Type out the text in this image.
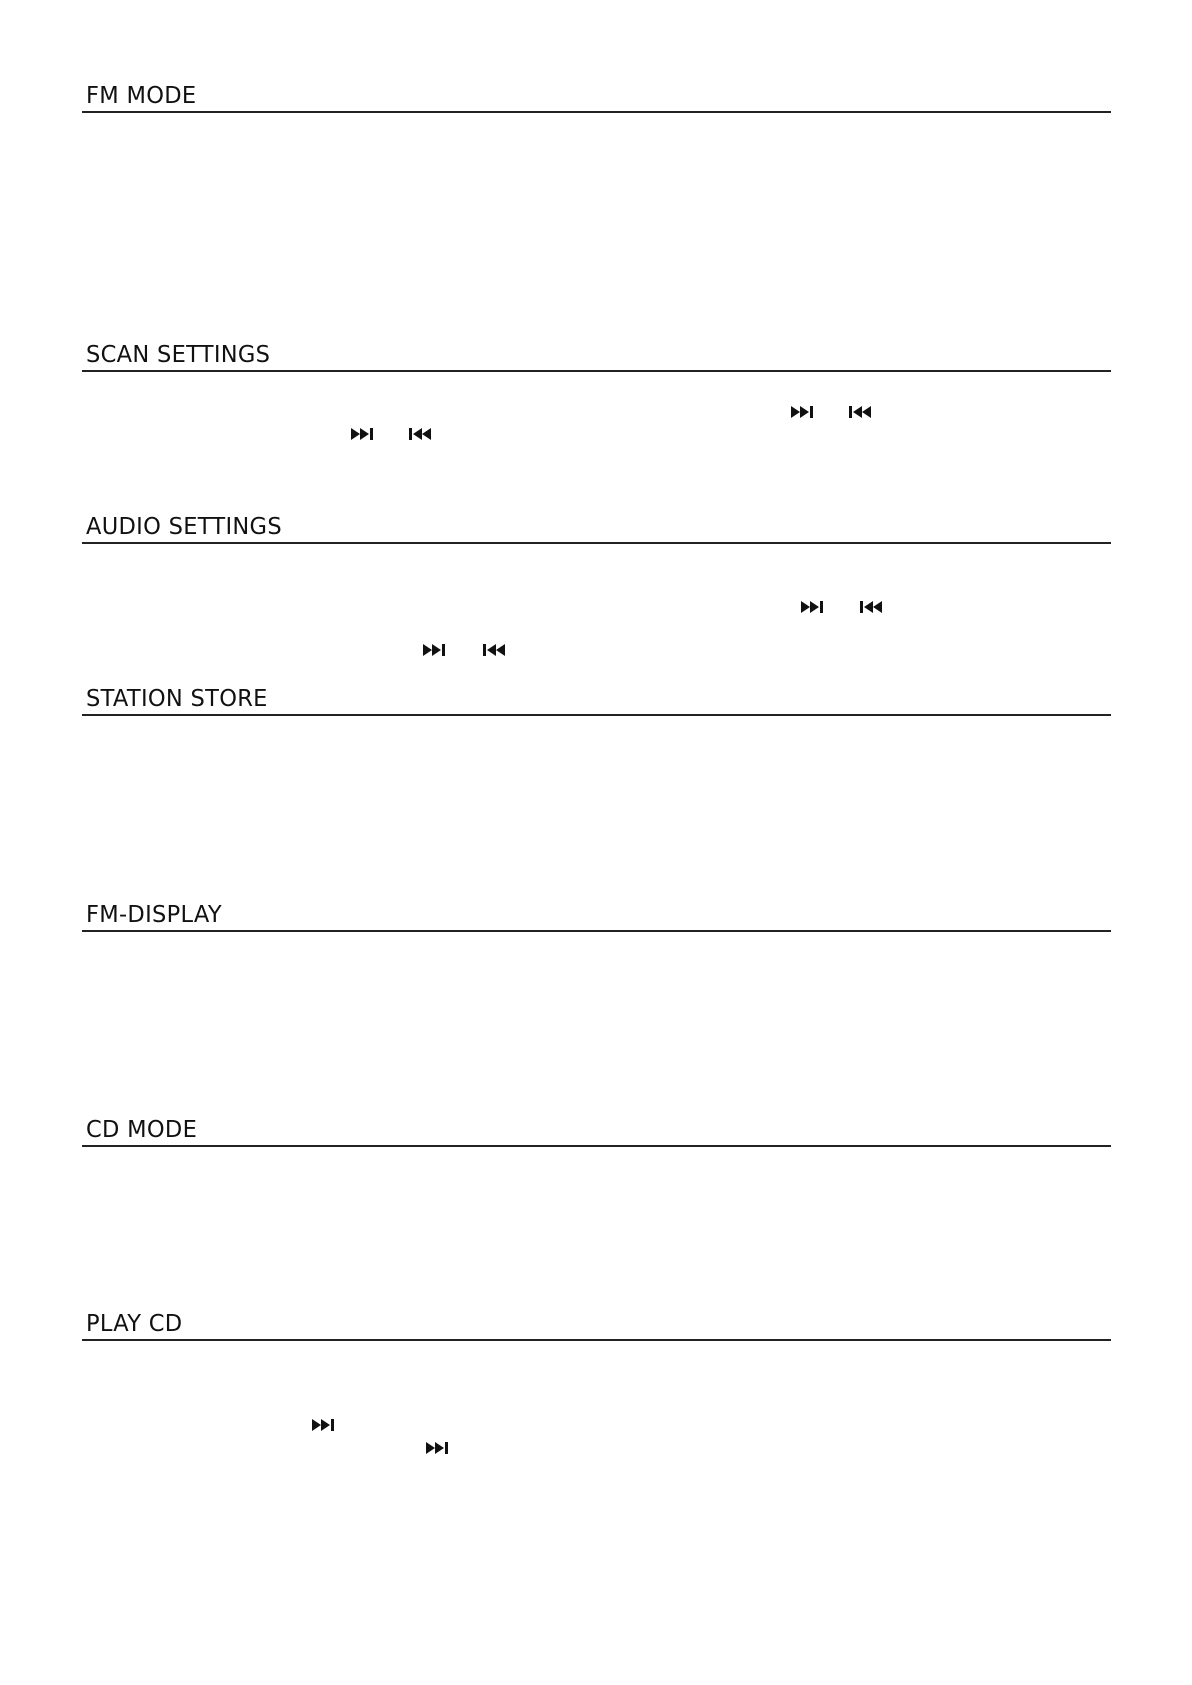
FM MODE
SCAN SETTINGS
AUDIO SETTINGS
STATION STORE
FM-DISPLAY
CD MODE
PLAY CD
